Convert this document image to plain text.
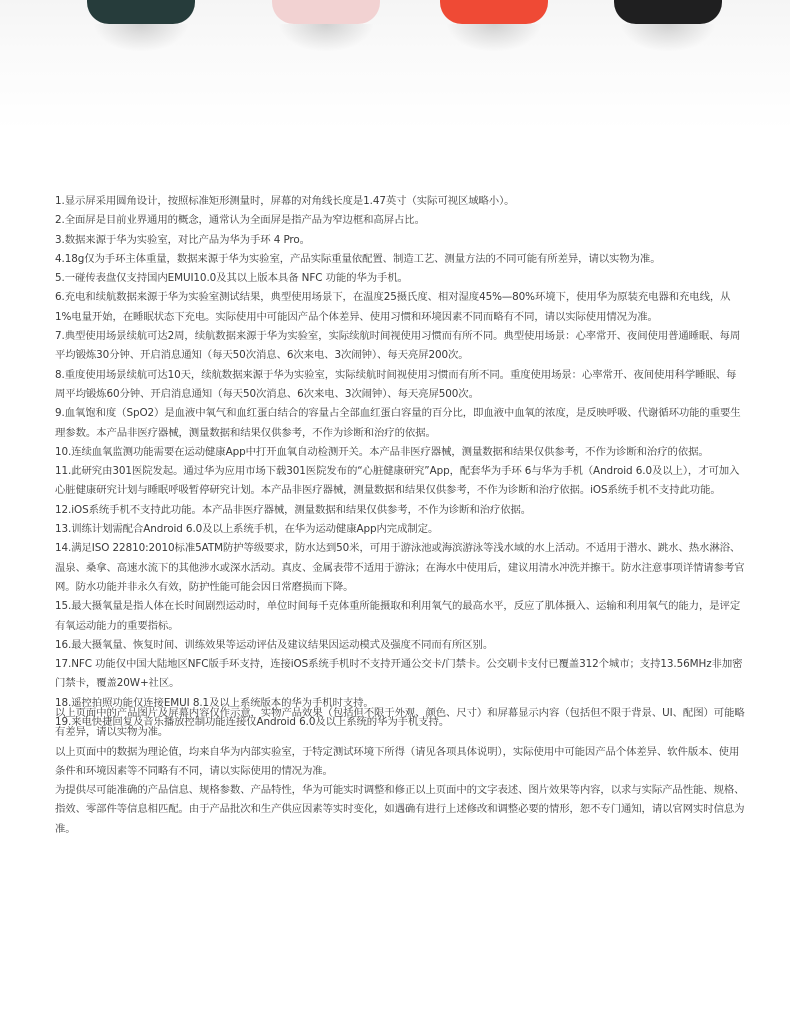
1.显示屏采用圆角设计，按照标准矩形测量时，屏幕的对角线长度是1.47英寸（实际可视区域略小）。

2.全面屏是目前业界通用的概念，通常认为全面屏是指产品为窄边框和高屏占比。

3.数据来源于华为实验室，对比产品为华为手环 4 Pro。

4.18g仅为手环主体重量，数据来源于华为实验室，产品实际重量依配置、制造工艺、测量方法的不同可能有所差异，请以实物为准。

5.一碰传表盘仅支持国内EMUI10.0及其以上版本具备 NFC 功能的华为手机。

6.充电和续航数据来源于华为实验室测试结果，典型使用场景下，在温度25摄氏度、相对湿度45%—80%环境下，使用华为原装充电器和充电线，从1%电量开始，在睡眠状态下充电。实际使用中可能因产品个体差异、使用习惯和环境因素不同而略有不同，请以实际使用情况为准。

7.典型使用场景续航可达2周，续航数据来源于华为实验室，实际续航时间视使用习惯而有所不同。典型使用场景：心率常开、夜间使用普通睡眠、每周平均锻炼30分钟、开启消息通知（每天50次消息、6次来电、3次闹钟）、每天亮屏200次。

8.重度使用场景续航可达10天，续航数据来源于华为实验室，实际续航时间视使用习惯而有所不同。重度使用场景：心率常开、夜间使用科学睡眠、每周平均锻炼60分钟、开启消息通知（每天50次消息、6次来电、3次闹钟）、每天亮屏500次。

9.血氧饱和度（SpO2）是血液中氧气和血红蛋白结合的容量占全部血红蛋白容量的百分比，即血液中血氧的浓度，是反映呼吸、代谢循环功能的重要生理参数。本产品非医疗器械，测量数据和结果仅供参考，不作为诊断和治疗的依据。

10.连续血氧监测功能需要在运动健康App中打开血氧自动检测开关。本产品非医疗器械，测量数据和结果仅供参考，不作为诊断和治疗的依据。

11.此研究由301医院发起。通过华为应用市场下载301医院发布的“心脏健康研究”App，配套华为手环 6与华为手机（Android 6.0及以上），才可加入心脏健康研究计划与睡眠呼吸暂停研究计划。本产品非医疗器械，测量数据和结果仅供参考，不作为诊断和治疗依据。iOS系统手机不支持此功能。

12.iOS系统手机不支持此功能。本产品非医疗器械，测量数据和结果仅供参考，不作为诊断和治疗依据。

13.训练计划需配合Android 6.0及以上系统手机，在华为运动健康App内完成制定。

14.满足ISO 22810:2010标准5ATM防护等级要求，防水达到50米，可用于游泳池或海滨游泳等浅水域的水上活动。不适用于潜水、跳水、热水淋浴、温泉、桑拿、高速水流下的其他涉水或深水活动。真皮、金属表带不适用于游泳；在海水中使用后，建议用清水冲洗并擦干。防水注意事项详情请参考官网。防水功能并非永久有效，防护性能可能会因日常磨损而下降。

15.最大摄氧量是指人体在长时间剧烈运动时，单位时间每千克体重所能摄取和利用氧气的最高水平，反应了肌体摄入、运输和利用氧气的能力，是评定有氧运动能力的重要指标。

16.最大摄氧量、恢复时间、训练效果等运动评估及建议结果因运动模式及强度不同而有所区别。

17.NFC 功能仅中国大陆地区NFC版手环支持，连接iOS系统手机时不支持开通公交卡/门禁卡。公交刷卡支付已覆盖312个城市；支持13.56MHz非加密门禁卡，覆盖20W+社区。

18.遥控拍照功能仅连接EMUI 8.1及以上系统版本的华为手机时支持。

19.来电快捷回复及音乐播放控制功能连接仅Android 6.0及以上系统的华为手机支持。

以上页面中的产品图片及屏幕内容仅作示意，实物产品效果（包括但不限于外观、颜色、尺寸）和屏幕显示内容（包括但不限于背景、UI、配图）可能略有差异，请以实物为准。

以上页面中的数据为理论值，均来自华为内部实验室，于特定测试环境下所得（请见各项具体说明），实际使用中可能因产品个体差异、软件版本、使用条件和环境因素等不同略有不同，请以实际使用的情况为准。

为提供尽可能准确的产品信息、规格参数、产品特性，华为可能实时调整和修正以上页面中的文字表述、图片效果等内容，以求与实际产品性能、规格、指效、零部件等信息相匹配。由于产品批次和生产供应因素等实时变化，如遇确有进行上述修改和调整必要的情形，恕不专门通知，请以官网实时信息为准。
